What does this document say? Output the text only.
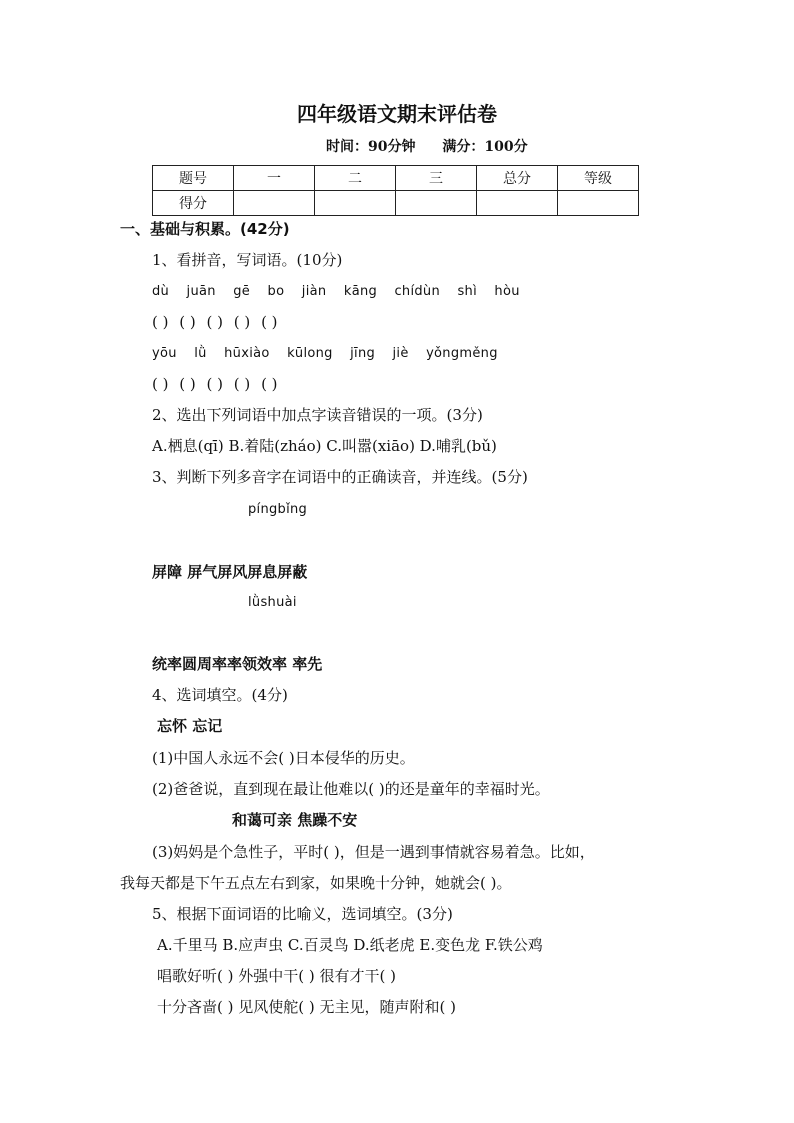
四年级语文期末评估卷
时间：90分钟 满分：100分
题号	一	二	三	总分	等级
得分					
一、基础与积累。(42分)
1、看拼音，写词语。(10分)
dù juān gē bo jiàn kāng chídùn shì hòu
( ) ( ) ( ) ( ) ( )
yōu lǜ hūxiào kūlong jīng jiè yǒngměng
( ) ( ) ( ) ( ) ( )
2、选出下列词语中加点字读音错误的一项。(3分)
A.栖息(qī) B.着陆(zháo) C.叫嚣(xiāo) D.哺乳(bǔ)
3、判断下列多音字在词语中的正确读音，并连线。(5分)
píngbǐng
屏障 屏气屏风屏息屏蔽
lǜshuài
统率圆周率率领效率 率先
4、选词填空。(4分)
忘怀 忘记
(1)中国人永远不会( )日本侵华的历史。
(2)爸爸说，直到现在最让他难以( )的还是童年的幸福时光。
和蔼可亲 焦躁不安
(3)妈妈是个急性子，平时( )，但是一遇到事情就容易着急。比如，
我每天都是下午五点左右到家，如果晚十分钟，她就会( )。
5、根据下面词语的比喻义，选词填空。(3分)
A.千里马 B.应声虫 C.百灵鸟 D.纸老虎 E.变色龙 F.铁公鸡
唱歌好听( ) 外强中干( ) 很有才干( )
十分吝啬( ) 见风使舵( ) 无主见，随声附和( )
